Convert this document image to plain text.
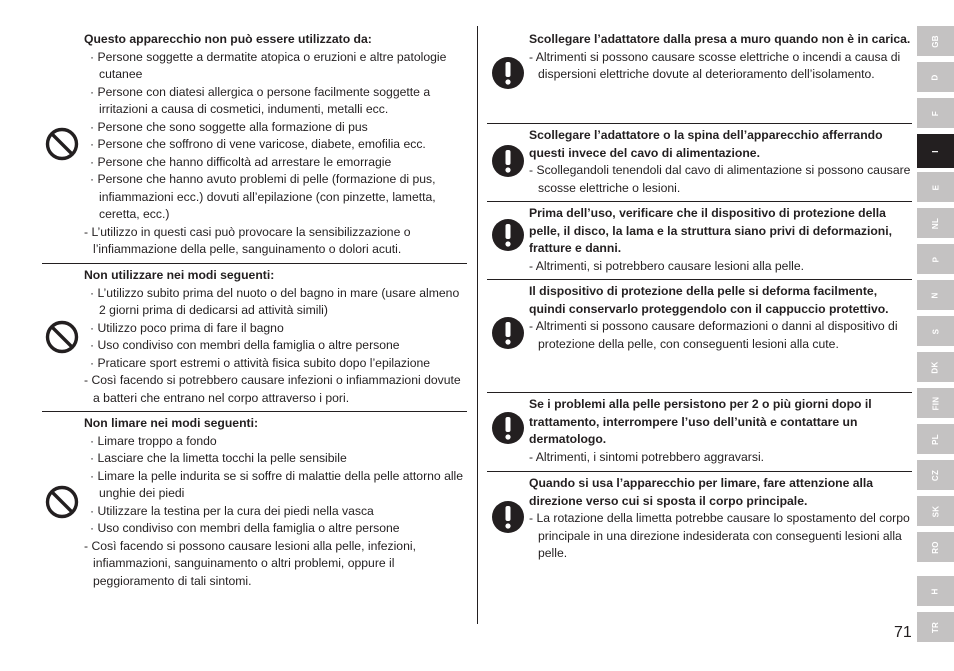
Questo apparecchio non può essere utilizzato da:
· Persone soggette a dermatite atopica o eruzioni e altre patologie cutanee
· Persone con diatesi allergica o persone facilmente soggette a irritazioni a causa di cosmetici, indumenti, metalli ecc.
· Persone che sono soggette alla formazione di pus
· Persone che soffrono di vene varicose, diabete, emofilia ecc.
· Persone che hanno difficoltà ad arrestare le emorragie
· Persone che hanno avuto problemi di pelle (formazione di pus, infiammazioni ecc.) dovuti all’epilazione (con pinzette, lametta, ceretta, ecc.)
- L’utilizzo in questi casi può provocare la sensibilizzazione o l’infiammazione della pelle, sanguinamento o dolori acuti.
Non utilizzare nei modi seguenti:
· L’utilizzo subito prima del nuoto o del bagno in mare (usare almeno 2 giorni prima di dedicarsi ad attività simili)
· Utilizzo poco prima di fare il bagno
· Uso condiviso con membri della famiglia o altre persone
· Praticare sport estremi o attività fisica subito dopo l’epilazione
- Così facendo si potrebbero causare infezioni o infiammazioni dovute a batteri che entrano nel corpo attraverso i pori.
Non limare nei modi seguenti:
· Limare troppo a fondo
· Lasciare che la limetta tocchi la pelle sensibile
· Limare la pelle indurita se si soffre di malattie della pelle attorno alle unghie dei piedi
· Utilizzare la testina per la cura dei piedi nella vasca
· Uso condiviso con membri della famiglia o altre persone
- Così facendo si possono causare lesioni alla pelle, infezioni, infiammazioni, sanguinamento o altri problemi, oppure il peggioramento di tali sintomi.
Scollegare l’adattatore dalla presa a muro quando non è in carica.
- Altrimenti si possono causare scosse elettriche o incendi a causa di dispersioni elettriche dovute al deterioramento dell’isolamento.
Scollegare l’adattatore o la spina dell’apparecchio afferrando questi invece del cavo di alimentazione.
- Scollegandoli tenendoli dal cavo di alimentazione si possono causare scosse elettriche o lesioni.
Prima dell’uso, verificare che il dispositivo di protezione della pelle, il disco, la lama e la struttura siano privi di deformazioni, fratture e danni.
- Altrimenti, si potrebbero causare lesioni alla pelle.
Il dispositivo di protezione della pelle si deforma facilmente, quindi conservarlo proteggendolo con il cappuccio protettivo.
- Altrimenti si possono causare deformazioni o danni al dispositivo di protezione della pelle, con conseguenti lesioni alla cute.
Se i problemi alla pelle persistono per 2 o più giorni dopo il trattamento, interrompere l’uso dell’unità e contattare un dermatologo.
- Altrimenti, i sintomi potrebbero aggravarsi.
Quando si usa l’apparecchio per limare, fare attenzione alla direzione verso cui si sposta il corpo principale.
- La rotazione della limetta potrebbe causare lo spostamento del corpo principale in una direzione indesiderata con conseguenti lesioni alla pelle.
GB
D
F
I
E
NL
P
N
S
DK
FIN
PL
CZ
SK
RO
H
TR
71
